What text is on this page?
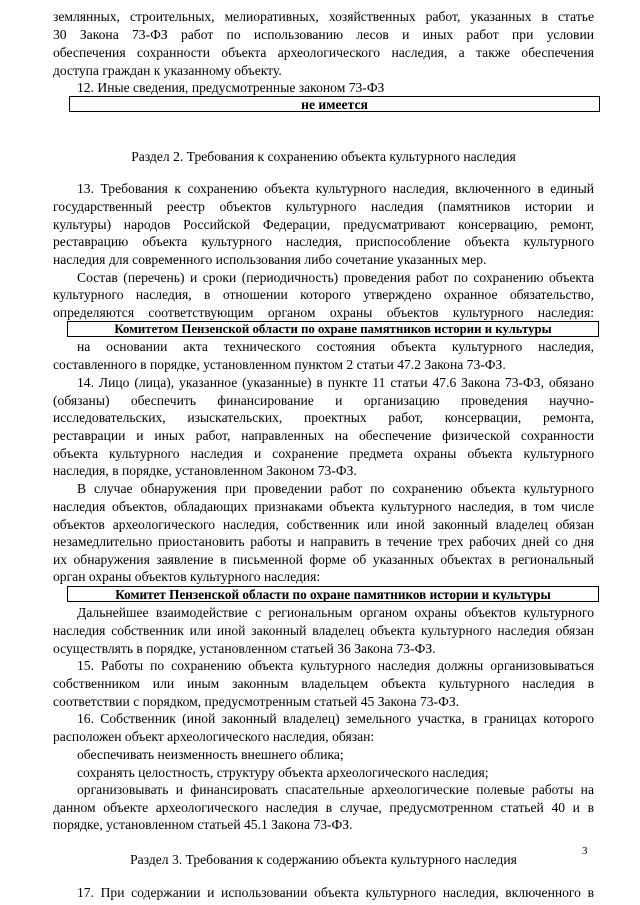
землянных, строительных, мелиоративных, хозяйственных работ, указанных в статье
30 Закона 73-ФЗ работ по использованию лесов и иных работ при условии
обеспечения сохранности объекта археологического наследия, а также обеспечения
доступа граждан к указанному объекту.
12. Иные сведения, предусмотренные законом 73-ФЗ
не имеется
Раздел 2. Требования к сохранению объекта культурного наследия
13. Требования к сохранению объекта культурного наследия, включенного в единый
государственный реестр объектов культурного наследия (памятников истории и
культуры) народов Российской Федерации, предусматривают консервацию, ремонт,
реставрацию объекта культурного наследия, приспособление объекта культурного
наследия для современного использования либо сочетание указанных мер.
Состав (перечень) и сроки (периодичность) проведения работ по сохранению объекта
культурного наследия, в отношении которого утверждено охранное обязательство,
определяются соответствующим органом охраны объектов культурного наследия:
Комитетом Пензенской области по охране памятников истории и культуры
на основании акта технического состояния объекта культурного наследия,
составленного в порядке, установленном пунктом 2 статьи 47.2 Закона 73-ФЗ.
14. Лицо (лица), указанное (указанные) в пункте 11 статьи 47.6 Закона 73-ФЗ, обязано
(обязаны) обеспечить финансирование и организацию проведения научно-
исследовательских, изыскательских, проектных работ, консервации, ремонта,
реставрации и иных работ, направленных на обеспечение физической сохранности
объекта культурного наследия и сохранение предмета охраны объекта культурного
наследия, в порядке, установленном Законом 73-ФЗ.
В случае обнаружения при проведении работ по сохранению объекта культурного
наследия объектов, обладающих признаками объекта культурного наследия, в том числе
объектов археологического наследия, собственник или иной законный владелец обязан
незамедлительно приостановить работы и направить в течение трех рабочих дней со дня
их обнаружения заявление в письменной форме об указанных объектах в региональный
орган охраны объектов культурного наследия:
Комитет Пензенской области по охране памятников истории и культуры
Дальнейшее взаимодействие с региональным органом охраны объектов культурного
наследия собственник или иной законный владелец объекта культурного наследия обязан
осуществлять в порядке, установленном статьей 36 Закона 73-ФЗ.
15. Работы по сохранению объекта культурного наследия должны организовываться
собственником или иным законным владельцем объекта культурного наследия в
соответствии с порядком, предусмотренным статьей 45 Закона 73-ФЗ.
16. Собственник (иной законный владелец) земельного участка, в границах которого
расположен объект археологического наследия, обязан:
обеспечивать неизменность внешнего облика;
сохранять целостность, структуру объекта археологического наследия;
организовывать и финансировать спасательные археологические полевые работы на
данном объекте археологического наследия в случае, предусмотренном статьей 40 и в
порядке, установленном статьей 45.1 Закона 73-ФЗ.
Раздел 3. Требования к содержанию объекта культурного наследия
17. При содержании и использовании объекта культурного наследия, включенного в
3
